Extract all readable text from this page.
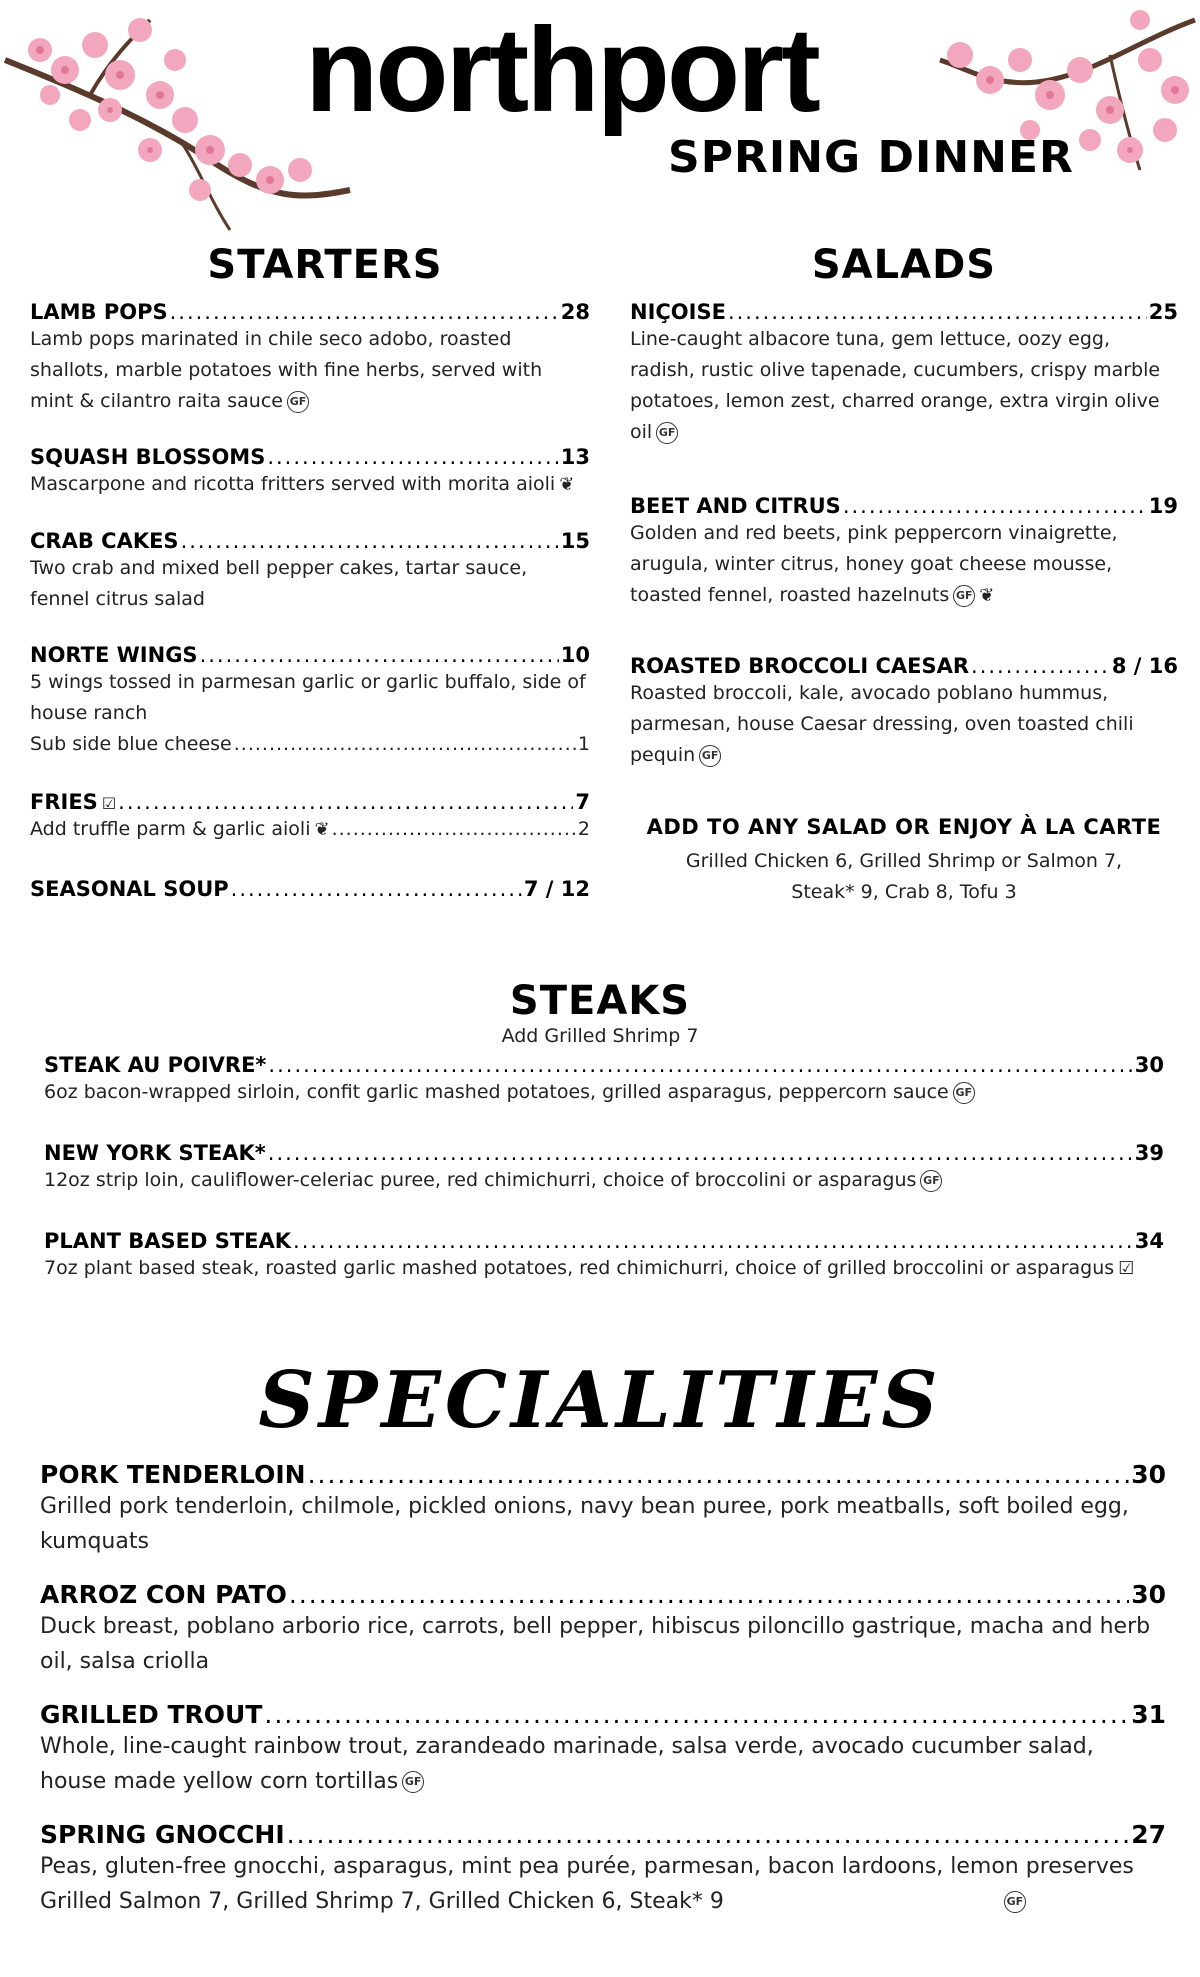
northport
SPRING DINNER
STARTERS
LAMB POPS .....	28
Lamb pops marinated in chile seco adobo, roasted shallots, marble potatoes with fine herbs, served with mint & cilantro raita sauce GF
SQUASH BLOSSOMS .....	13
Mascarpone and ricotta fritters served with morita aioli ❦
CRAB CAKES .....	15
Two crab and mixed bell pepper cakes, tartar sauce, fennel citrus salad
NORTE WINGS .....	10
5 wings tossed in parmesan garlic or garlic buffalo, side of house ranch
Sub side blue cheese .....	1
FRIES ☑ .....	7
Add truffle parm & garlic aioli ❦ .....	2
SEASONAL SOUP .....	7 / 12
SALADS
NIÇOISE .....	25
Line-caught albacore tuna, gem lettuce, oozy egg, radish, rustic olive tapenade, cucumbers, crispy marble potatoes, lemon zest, charred orange, extra virgin olive oil GF
BEET AND CITRUS .....	19
Golden and red beets, pink peppercorn vinaigrette, arugula, winter citrus, honey goat cheese mousse, toasted fennel, roasted hazelnuts GF ❦
ROASTED BROCCOLI CAESAR .....	8 / 16
Roasted broccoli, kale, avocado poblano hummus, parmesan, house Caesar dressing, oven toasted chili pequin GF
ADD TO ANY SALAD OR ENJOY À LA CARTE
Grilled Chicken 6, Grilled Shrimp or Salmon 7,
Steak* 9, Crab 8, Tofu 3
STEAKS
Add Grilled Shrimp 7
STEAK AU POIVRE* .....	30
6oz bacon-wrapped sirloin, confit garlic mashed potatoes, grilled asparagus, peppercorn sauce GF
NEW YORK STEAK* .....	39
12oz strip loin, cauliflower-celeriac puree, red chimichurri, choice of broccolini or asparagus GF
PLANT BASED STEAK .....	34
7oz plant based steak, roasted garlic mashed potatoes, red chimichurri, choice of grilled broccolini or asparagus ☑
SPECIALITIES
PORK TENDERLOIN .....	30
Grilled pork tenderloin, chilmole, pickled onions, navy bean puree, pork meatballs, soft boiled egg, kumquats
ARROZ CON PATO .....	30
Duck breast, poblano arborio rice, carrots, bell pepper, hibiscus piloncillo gastrique, macha and herb oil, salsa criolla
GRILLED TROUT .....	31
Whole, line-caught rainbow trout, zarandeado marinade, salsa verde, avocado cucumber salad, house made yellow corn tortillas GF
SPRING GNOCCHI .....	27
Peas, gluten-free gnocchi, asparagus, mint pea purée, parmesan, bacon lardoons, lemon preserves
Grilled Salmon 7, Grilled Shrimp 7, Grilled Chicken 6, Steak* 9	GF
